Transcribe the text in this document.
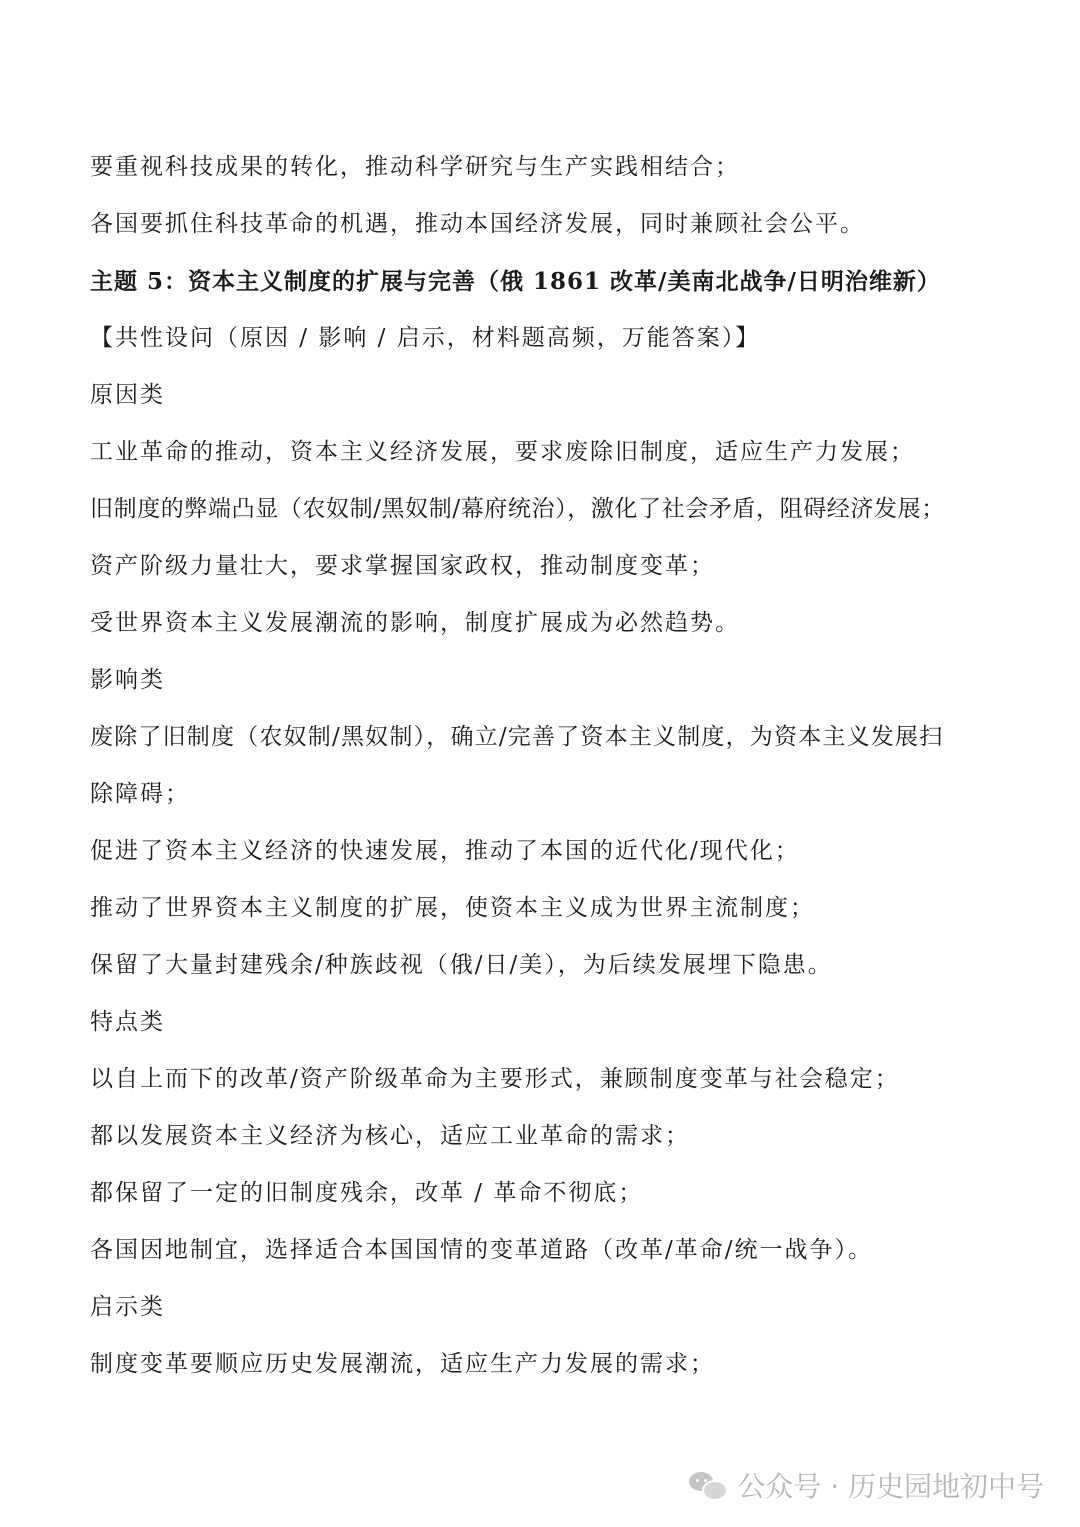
要重视科技成果的转化，推动科学研究与生产实践相结合；
各国要抓住科技革命的机遇，推动本国经济发展，同时兼顾社会公平。
主题 5：资本主义制度的扩展与完善（俄 1861 改革/美南北战争/日明治维新）
【共性设问（原因 / 影响 / 启示，材料题高频，万能答案）】
原因类
工业革命的推动，资本主义经济发展，要求废除旧制度，适应生产力发展；
旧制度的弊端凸显（农奴制/黑奴制/幕府统治），激化了社会矛盾，阻碍经济发展；
资产阶级力量壮大，要求掌握国家政权，推动制度变革；
受世界资本主义发展潮流的影响，制度扩展成为必然趋势。
影响类
废除了旧制度（农奴制/黑奴制），确立/完善了资本主义制度，为资本主义发展扫
除障碍；
促进了资本主义经济的快速发展，推动了本国的近代化/现代化；
推动了世界资本主义制度的扩展，使资本主义成为世界主流制度；
保留了大量封建残余/种族歧视（俄/日/美），为后续发展埋下隐患。
特点类
以自上而下的改革/资产阶级革命为主要形式，兼顾制度变革与社会稳定；
都以发展资本主义经济为核心，适应工业革命的需求；
都保留了一定的旧制度残余，改革 / 革命不彻底；
各国因地制宜，选择适合本国国情的变革道路（改革/革命/统一战争）。
启示类
制度变革要顺应历史发展潮流，适应生产力发展的需求；
公众号 · 历史园地初中号
